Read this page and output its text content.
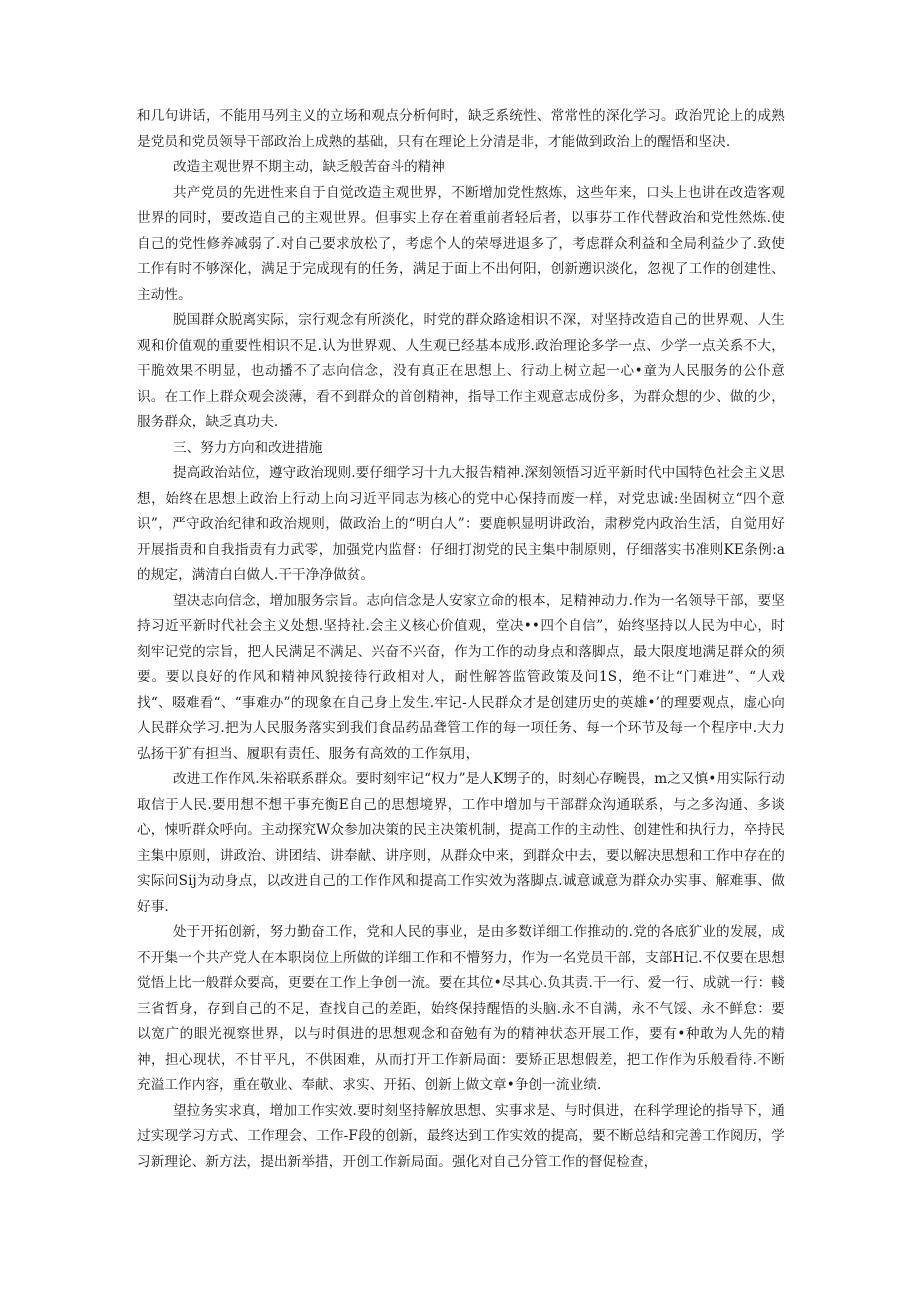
和几句讲话，不能用马列主义的立场和观点分析何时，缺乏系统性、常常性的深化学习。政治咒论上的成熟是党员和党员领导干部政治上成熟的基础，只有在理论上分清是非，才能做到政治上的醒悟和坚决.

改造主观世界不期主动，缺乏般苦奋斗的精神

共产党员的先进性来自于自觉改造主观世界，不断增加党性熬炼，这些年来，口头上也讲在改造客观世界的同时，要改造自己的主观世界。但事实上存在着重前者轻后者，以事芬工作代替政治和党性然炼.使自己的党性修养减弱了.对自己要求放松了，考虑个人的荣辱进退多了，考虑群众利益和全局利益少了.致使工作有时不够深化，满足于完成现有的任务，满足于面上不出何阳，创新遡识淡化，忽视了工作的创建性、主动性。

脱国群众脱离实际，宗行观念有所淡化，时党的群众路途相识不深，对坚持改造自己的世界观、人生观和价值观的重要性相识不足.认为世界观、人生观已经基本成形.政治理论多学一点、少学一点关系不大，干脆效果不明显，也动播不了志向信念，没有真正在思想上、行动上树立起一心•童为人民服务的公仆意识。在工作上群众观会淡薄，看不到群众的首创精神，指导工作主观意志成份多，为群众想的少、做的少，服务群众，缺乏真功夫.

三、努力方向和改进措施

提高政治站位，遵守政治现则.要仔细学习十九大报告精神.深刻领悟习近平新时代中国特色社会主义思想，始终在思想上政治上行动上向习近平同志为核心的党中心保持而废一样，对党忠诚:坐固树立“四个意识”，严守政治纪律和政治规则，做政治上的“明白人”：要鹿帜显明讲政治，肃秽党内政治生活，自觉用好开展指责和自我指责有力武零，加强党内监督：仔细打沏党的民主集中制原则，仔细落实书准则KE条例:a的规定，满清白白做人.干干净净做贫。

望决志向信念，增加服务宗旨。志向信念是人安家立命的根本，足精神动力.作为一名领导干部，要坚持习近平新时代社会主义处想.坚持社.会主义核心价值观，堂决••四个自信”，始终坚持以人民为中心，时刻牢记党的宗旨，把人民满足不满足、兴奋不兴奋，作为工作的动身点和落脚点，最大限度地满足群众的须要。要以良好的作风和精神风貌接待行政相对人，耐性解答监管政策及问1S，绝不让“门难进”、“人戏找“、啜难看“、“事难办”的现象在自己身上发生.牢记-人民群众才是创建历史的英雄•’的理要观点，虚心向人民群众学习.把为人民服务落实到我们食品药品聋管工作的每一项任务、每一个环节及每一个程序中.大力弘扬干犷有担当、履职有责任、服务有高效的工作氛用，

改进工作作风.朱裕联系群众。要时刻牢记“权力”是人K甥子的，时刻心存畹畏，m之又慎•用实际行动取信于人民.要用想不想干事充衡E自己的思想境界，工作中增加与干部群众沟通联系，与之多沟通、多谈心，悚听群众呼向。主动探究W众参加决策的民主决策机制，提高工作的主动性、创建性和执行力，卒持民主集中原则，讲政治、讲团结、讲奉献、讲序则，从群众中来，到群众中去，要以解决思想和工作中存在的实际问Sij为动身点，以改进自己的工作作风和提高工作实效为落脚点.诚意诚意为群众办实事、解难事、做好事.

处于开拓创新，努力勤奋工作，党和人民的事业，是由多数详细工作推动的.党的各底犷业的发展，成不开集一个共产党人在本职岗位上所做的详细工作和不懵努力，作为一名党员干部，支部H记.不仅要在思想觉悟上比一般群众要高，更要在工作上争创一流。要在其位•尽其心.负其责.干一行、爱一行、成就一行：輚三省哲身，存到自己的不足，查找自己的差距，始终保持醒悟的头脑.永不自满，永不气馁、永不鲜怠：要以宽广的眼光视察世界，以与时俱进的思想观念和奋勉有为的精神状态开展工作，要有•种敢为人先的精神，担心现状，不甘平凡，不供困难，从而打开工作新局面：要矫正思想假差，把工作作为乐般看待.不断充溢工作内容，重在敬业、奉献、求实、开拓、创新上做文章•争创一流业绩.

望拉务实求真，增加工作实效.要时刻坚持解放思想、实事求是、与时俱进，在科学理论的指导下，通过实现学习方式、工作理会、工作-F段的创新，最终达到工作实效的提高，要不断总结和完善工作阅历，学习新理论、新方法，提出新举措，开创工作新局面。强化对自己分管工作的督促检查，
